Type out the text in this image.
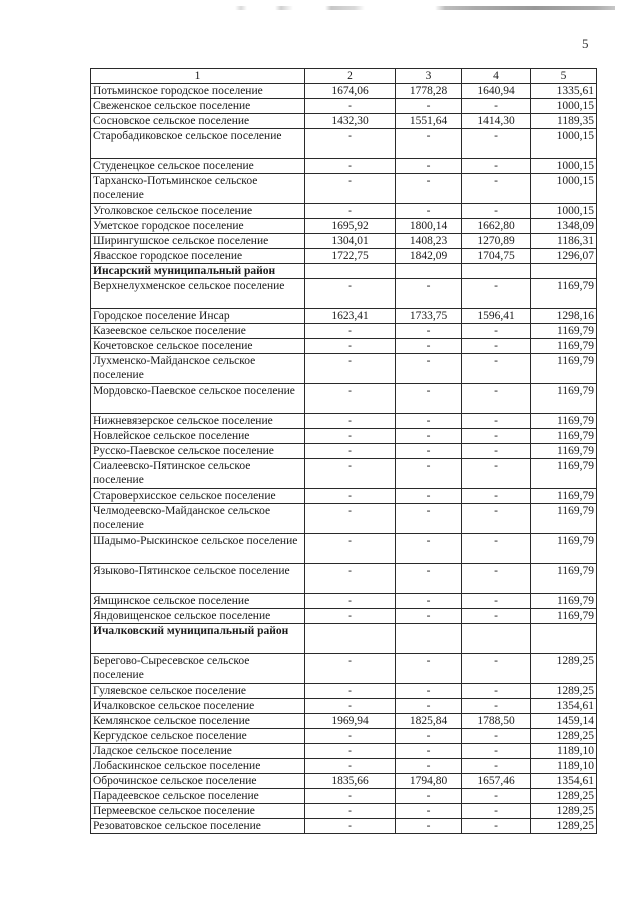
5
1	2	3	4	5
Потьминское городское поселение	1674,06	1778,28	1640,94	1335,61
Свеженское сельское поселение	-	-	-	1000,15
Сосновское сельское поселение	1432,30	1551,64	1414,30	1189,35
Старобадиковское сельское поселение	-	-	-	1000,15
Студенецкое сельское поселение	-	-	-	1000,15
Тарханско-Потьминское сельское поселение	-	-	-	1000,15
Уголковское сельское поселение	-	-	-	1000,15
Уметское городское поселение	1695,92	1800,14	1662,80	1348,09
Ширингушское сельское поселение	1304,01	1408,23	1270,89	1186,31
Явасское городское поселение	1722,75	1842,09	1704,75	1296,07
Инсарский муниципальный район				
Верхнелухменское сельское поселение	-	-	-	1169,79
Городское поселение Инсар	1623,41	1733,75	1596,41	1298,16
Казеевское сельское поселение	-	-	-	1169,79
Кочетовское сельское поселение	-	-	-	1169,79
Лухменско-Майданское сельское поселение	-	-	-	1169,79
Мордовско-Паевское сельское поселение	-	-	-	1169,79
Нижневязерское сельское поселение	-	-	-	1169,79
Новлейское сельское поселение	-	-	-	1169,79
Русско-Паевское сельское поселение	-	-	-	1169,79
Сиалеевско-Пятинское сельское поселение	-	-	-	1169,79
Староверхисское сельское поселение	-	-	-	1169,79
Челмодеевско-Майданское сельское поселение	-	-	-	1169,79
Шадымо-Рыскинское сельское поселение	-	-	-	1169,79
Языково-Пятинское сельское поселение	-	-	-	1169,79
Ямщинское сельское поселение	-	-	-	1169,79
Яндовищенское сельское поселение	-	-	-	1169,79
Ичалковский муниципальный район				
Берегово-Сыресевское сельское поселение	-	-	-	1289,25
Гуляевское сельское поселение	-	-	-	1289,25
Ичалковское сельское поселение	-	-	-	1354,61
Кемлянское сельское поселение	1969,94	1825,84	1788,50	1459,14
Кергудское сельское поселение	-	-	-	1289,25
Ладское сельское поселение	-	-	-	1189,10
Лобаскинское сельское поселение	-	-	-	1189,10
Оброчинское сельское поселение	1835,66	1794,80	1657,46	1354,61
Парадеевское сельское поселение	-	-	-	1289,25
Пермеевское сельское поселение	-	-	-	1289,25
Резоватовское сельское поселение	-	-	-	1289,25
